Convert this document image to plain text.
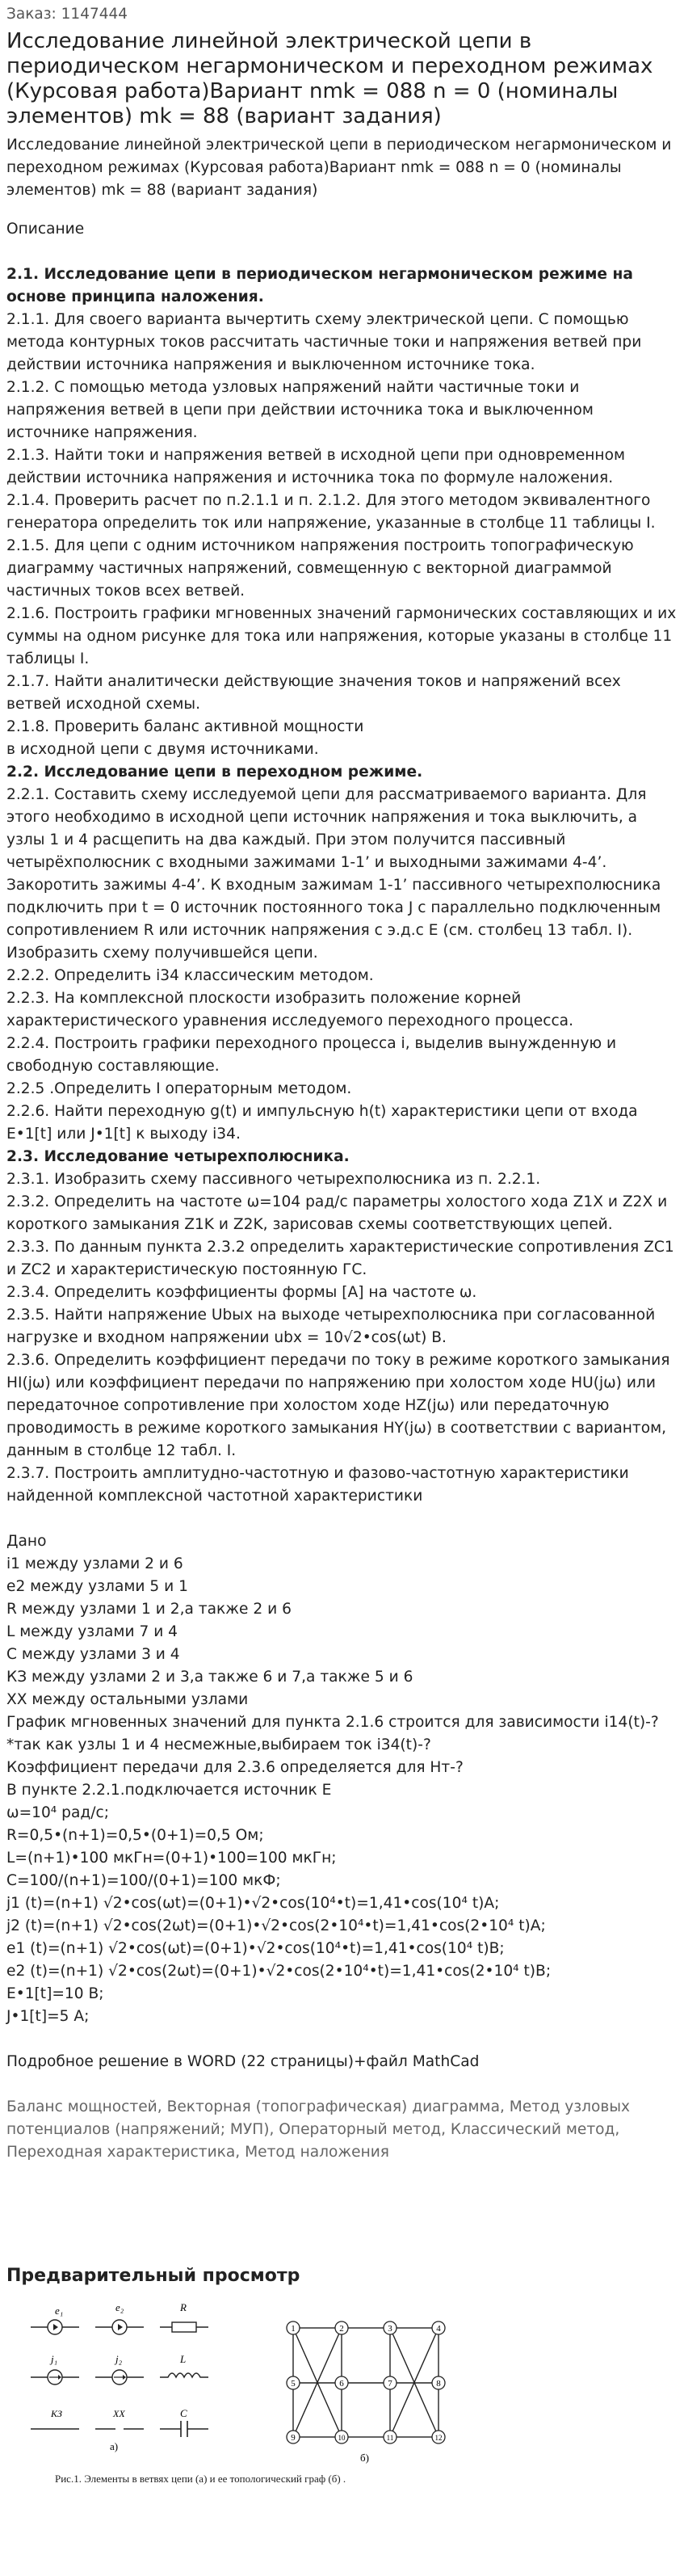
Заказ: 1147444
Исследование линейной электрической цепи в периодическом негармоническом и переходном режимах (Курсовая работа)Вариант nmk = 088 n = 0 (номиналы элементов) mk = 88 (вариант задания)
Исследование линейной электрической цепи в периодическом негармоническом и переходном режимах (Курсовая работа)Вариант nmk = 088 n = 0 (номиналы элементов) mk = 88 (вариант задания)
Описание
2.1. Исследование цепи в периодическом негармоническом режиме на основе принципа наложения.
2.1.1. Для своего варианта вычертить схему электрической цепи. С помощью метода контурных токов рассчитать частичные токи и напряжения ветвей при действии источника напряжения и выключенном источнике тока.
2.1.2. С помощью метода узловых напряжений найти частичные токи и напряжения ветвей в цепи при действии источника тока и выключенном источнике напряжения.
2.1.3. Найти токи и напряжения ветвей в исходной цепи при одновременном действии источника напряжения и источника тока по формуле наложения.
2.1.4. Проверить расчет по п.2.1.1 и п. 2.1.2. Для этого методом эквивалентного генератора определить ток или напряжение, указанные в столбце 11 таблицы I.
2.1.5. Для цепи с одним источником напряжения построить топографическую диаграмму частичных напряжений, совмещенную с векторной диаграммой частичных токов всех ветвей.
2.1.6. Построить графики мгновенных значений гармонических составляющих и их суммы на одном рисунке для тока или напряжения, которые указаны в столбце 11 таблицы I.
2.1.7. Найти аналитически действующие значения токов и напряжений всех ветвей исходной схемы.
2.1.8. Проверить баланс активной мощности
в исходной цепи с двумя источниками.
2.2. Исследование цепи в переходном режиме.
2.2.1. Составить схему исследуемой цепи для рассматриваемого варианта. Для этого необходимо в исходной цепи источник напряжения и тока выключить, а узлы 1 и 4 расщепить на два каждый. При этом получится пассивный четырёхполюсник с входными зажимами 1-1’ и выходными зажимами 4-4’. Закоротить зажимы 4-4’. К входным зажимам 1-1’ пассивного четырехполюсника подключить при t = 0 источник постоянного тока J с параллельно подключенным сопротивлением R или источник напряжения с э.д.с E (см. столбец 13 табл. I). Изобразить схему получившейся цепи.
2.2.2. Определить i34 классическим методом.
2.2.3. На комплексной плоскости изобразить положение корней характеристического уравнения исследуемого переходного процесса.
2.2.4. Построить графики переходного процесса i, выделив вынужденную и свободную составляющие.
2.2.5 .Определить I операторным методом.
2.2.6. Найти переходную g(t) и импульсную h(t) характеристики цепи от входа E•1[t] или J•1[t] к выходу i34.
2.3. Исследование четырехполюсника.
2.3.1. Изобразить схему пассивного четырехполюсника из п. 2.2.1.
2.3.2. Определить на частоте ω=104 рад/с параметры холостого хода Z1X и Z2X и короткого замыкания Z1K и Z2K, зарисовав схемы соответствующих цепей.
2.3.3. По данным пункта 2.3.2 определить характеристические сопротивления ZC1 и ZC2 и характеристическую постоянную ГC.
2.3.4. Определить коэффициенты формы [A] на частоте ω.
2.3.5. Найти напряжение Ubыx на выходе четырехполюсника при согласованной нагрузке и входном напряжении ubx = 10√2•cos(ωt) B.
2.3.6. Определить коэффициент передачи по току в режиме короткого замыкания HI(jω) или коэффициент передачи по напряжению при холостом ходе HU(jω) или передаточное сопротивление при холостом ходе HZ(jω) или передаточную проводимость в режиме короткого замыкания HY(jω) в соответствии с вариантом, данным в столбце 12 табл. I.
2.3.7. Построить амплитудно-частотную и фазово-частотную характеристики найденной комплексной частотной характеристики
Дано
i1 между узлами 2 и 6
e2 между узлами 5 и 1
R между узлами 1 и 2,а также 2 и 6
L между узлами 7 и 4
C между узлами 3 и 4
КЗ между узлами 2 и 3,а также 6 и 7,а также 5 и 6
XX между остальными узлами
График мгновенных значений для пункта 2.1.6 строится для зависимости i14(t)-?
*так как узлы 1 и 4 несмежные,выбираем ток i34(t)-?
Коэффициент передачи для 2.3.6 определяется для Hт-?
В пункте 2.2.1.подключается источник E
ω=10⁴ рад/с;
R=0,5•(n+1)=0,5•(0+1)=0,5 Ом;
L=(n+1)•100 мкГн=(0+1)•100=100 мкГн;
C=100/(n+1)=100/(0+1)=100 мкФ;
j1 (t)=(n+1) √2•cos(ωt)=(0+1)•√2•cos(10⁴•t)=1,41•cos(10⁴ t)A;
j2 (t)=(n+1) √2•cos(2ωt)=(0+1)•√2•cos(2•10⁴•t)=1,41•cos(2•10⁴ t)A;
e1 (t)=(n+1) √2•cos(ωt)=(0+1)•√2•cos(10⁴•t)=1,41•cos(10⁴ t)B;
e2 (t)=(n+1) √2•cos(2ωt)=(0+1)•√2•cos(2•10⁴•t)=1,41•cos(2•10⁴ t)B;
E•1[t]=10 B;
J•1[t]=5 A;
Подробное решение в WORD (22 страницы)+файл MathCad
Баланс мощностей, Векторная (топографическая) диаграмма, Метод узловых потенциалов (напряжений; МУП), Операторный метод, Классический метод, Переходная характеристика, Метод наложения
Предварительный просмотр
e₁	e₂	R
j₁	j₂	L
КЗ	ХХ	C
а)
1	2	3	4
5	6	7	8
9	10	11	12
б)
Рис.1. Элементы в ветвях цепи (а) и ее топологический граф (б) .
